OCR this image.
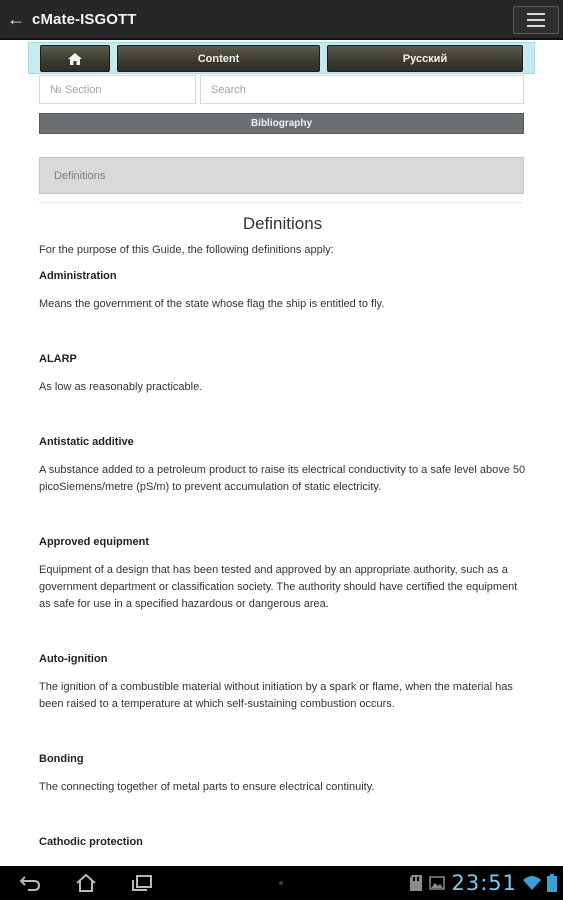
← cMate-ISGOTT
Content	Русский
№ Section
Search
Bibliography
Definitions
Definitions
For the purpose of this Guide, the following definitions apply:
Administration
Means the government of the state whose flag the ship is entitled to fly.
ALARP
As low as reasonably practicable.
Antistatic additive
A substance added to a petroleum product to raise its electrical conductivity to a safe level above 50 picoSiemens/metre (pS/m) to prevent accumulation of static electricity.
Approved equipment
Equipment of a design that has been tested and approved by an appropriate authority, such as a government department or classification society. The authority should have certified the equipment as safe for use in a specified hazardous or dangerous area.
Auto-ignition
The ignition of a combustible material without initiation by a spark or flame, when the material has been raised to a temperature at which self-sustaining combustion occurs.
Bonding
The connecting together of metal parts to ensure electrical continuity.
Cathodic protection
●	23:51
